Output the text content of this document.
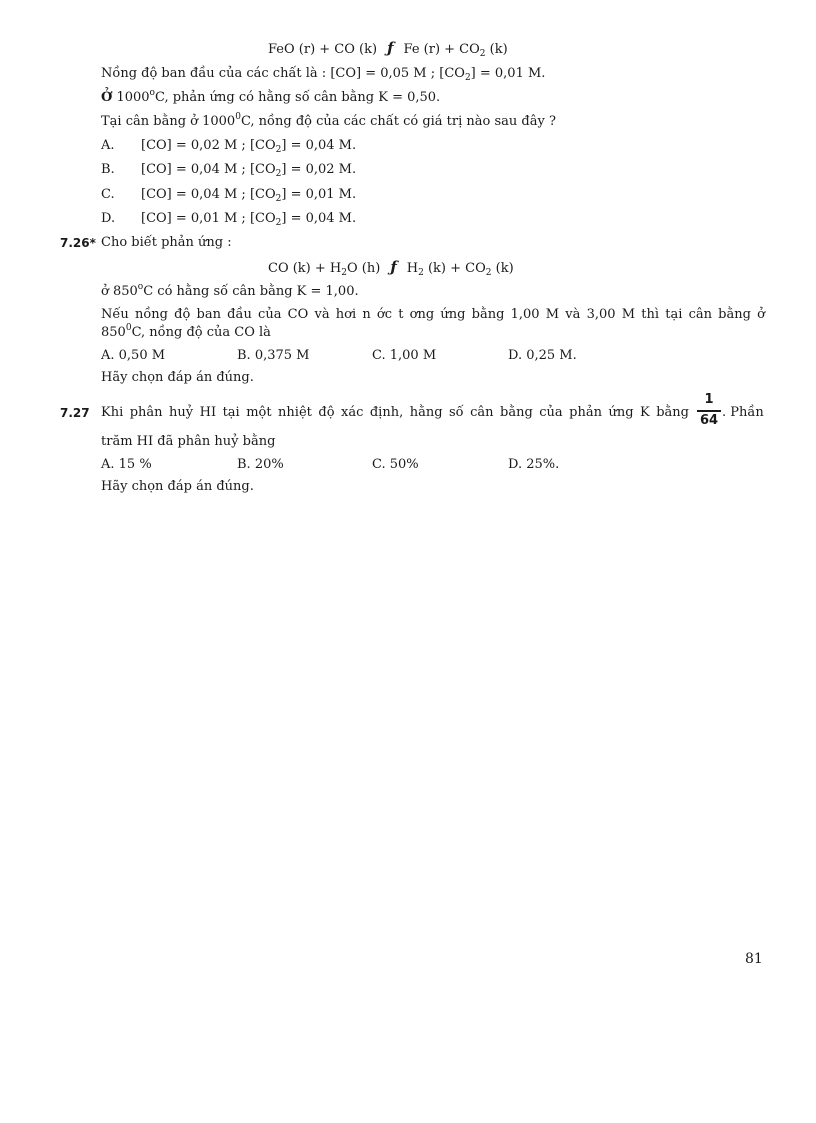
FeO (r) + CO (k) ƒ Fe $(r) + CO_2$ (k)
Nồng độ ban đầu của các chất là : [CO] = 0,05 M ; $[CO_2] = 0,01$ M.
Ở 1000$^o$C, phản ứng có hằng số cân bằng K = 0,50.
Tại cân bằng ở 1000$^0$C, nồng độ của các chất có giá trị nào sau đây ?
A. [CO] = 0,02 M ; $[CO_2] = 0,04$ M.
B. [CO] = 0,04 M ; $[CO_2] = 0,02$ M.
C. [CO] = 0,04 M ; $[CO_2] = 0,01$ M.
D. [CO] = 0,01 M ; $[CO_2] = 0,04$ M.
7.26* Cho biết phản ứng :
CO $(k) + H_2O$ (h) ƒ $H_2$ $(k) + CO_2$ (k)
ở 850$^o$C có hằng số cân bằng K = 1,00.
Nếu nồng độ ban đầu của CO và hơi n ớc t ơng ứng bằng 1,00 M và 3,00 M thì tại cân bằng ở
$850^0C$, nồng độ của CO là
A. 0,50 M	B. 0,375 M	C. 1,00 M	D. 0,25 M.
Hãy chọn đáp án đúng.
7.27 Khi phân huỷ HI tại một nhiệt độ xác định, hằng số cân bằng của phản ứng K bằng
1
64
. Phần
trăm HI đã phân huỷ bằng
A. 15 %	B. 20%	C. 50%	D. 25%.
Hãy chọn đáp án đúng.
81
